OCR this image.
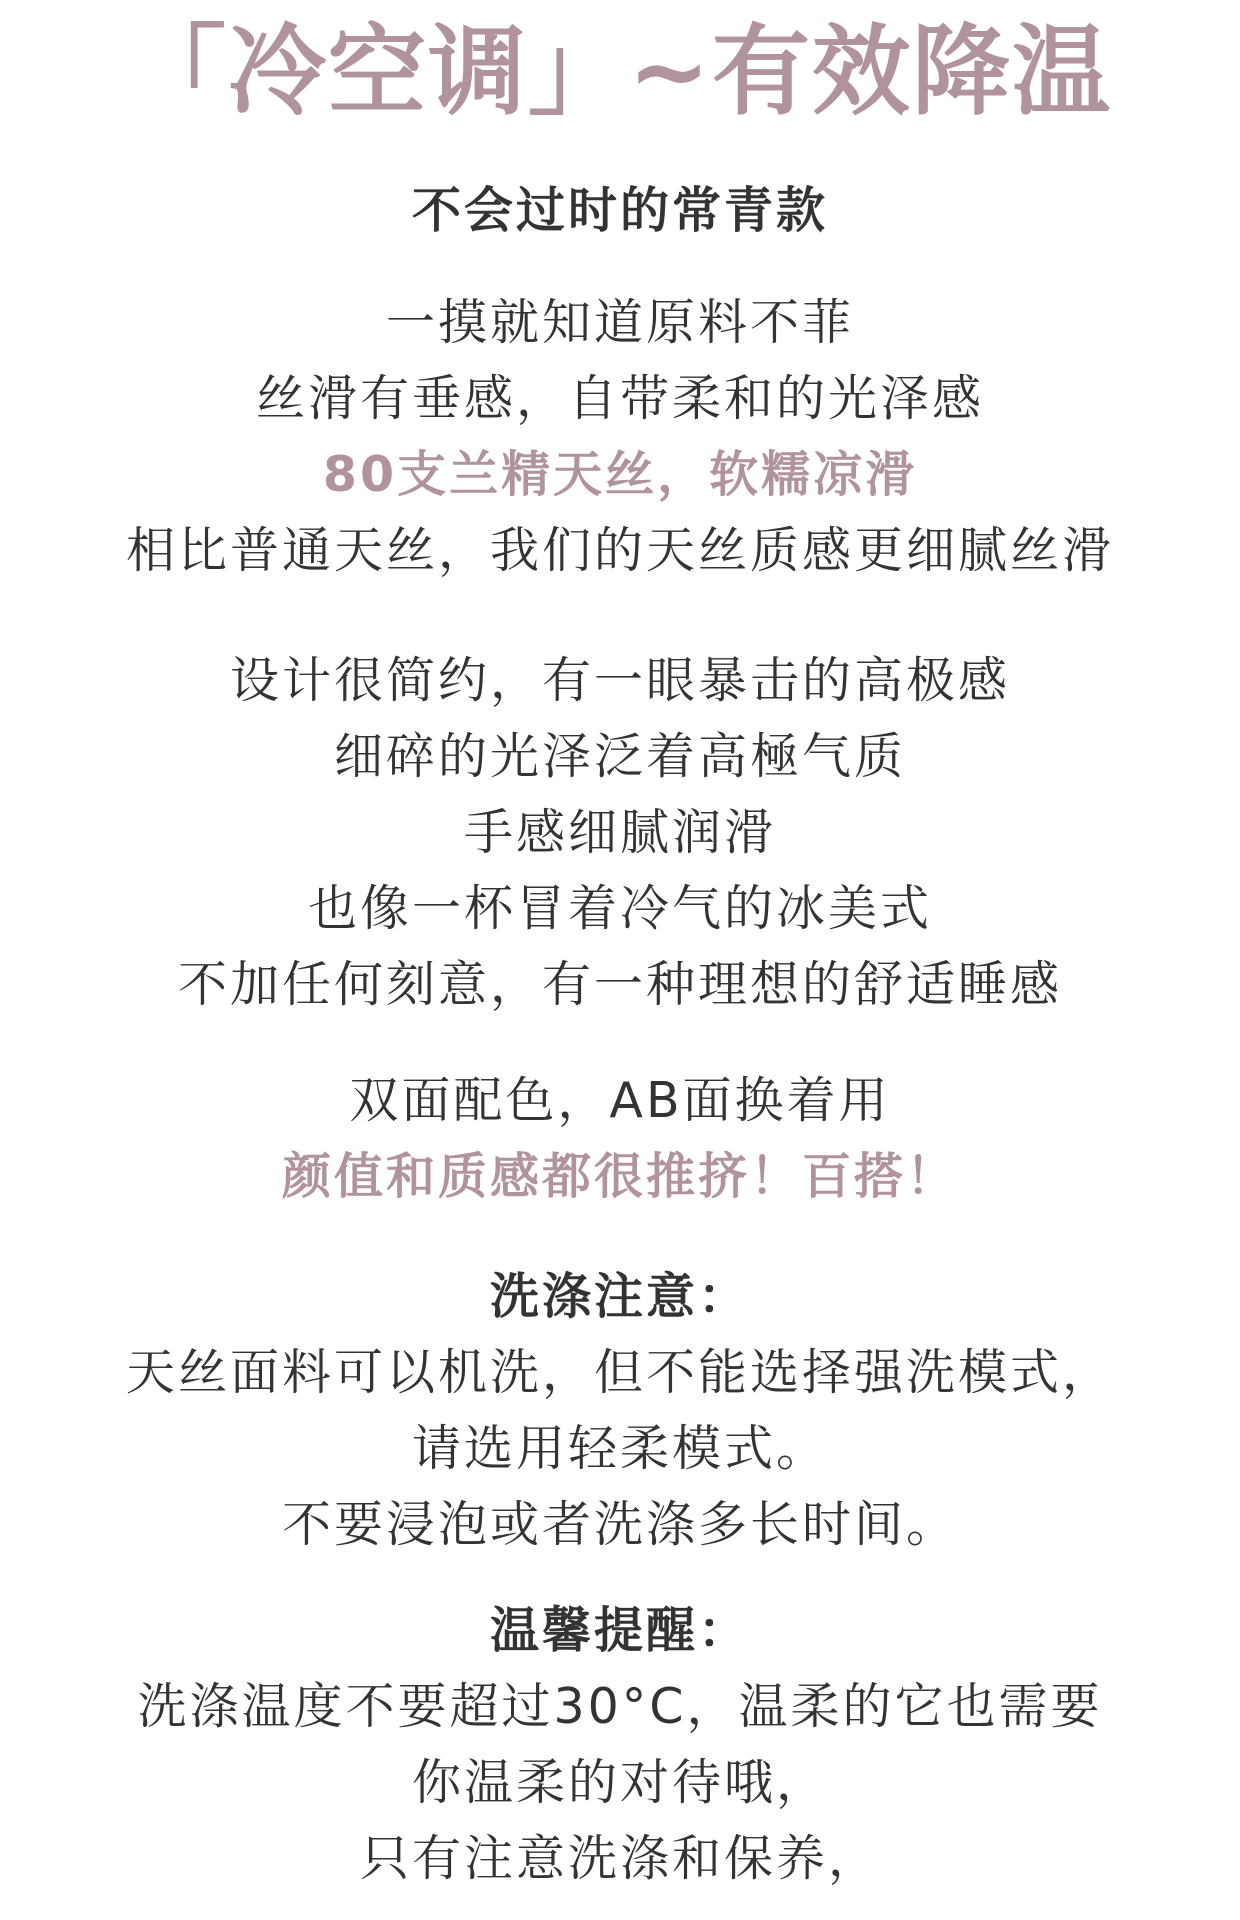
「冷空调」~有效降温
不会过时的常青款
一摸就知道原料不菲
丝滑有垂感，自带柔和的光泽感
80支兰精天丝，软糯凉滑
相比普通天丝，我们的天丝质感更细腻丝滑
设计很简约，有一眼暴击的高极感
细碎的光泽泛着高極气质
手感细腻润滑
也像一杯冒着冷气的冰美式
不加任何刻意，有一种理想的舒适睡感
双面配色，AB面换着用
颜值和质感都很推挤！百搭！
洗涤注意：
天丝面料可以机洗，但不能选择强洗模式，
请选用轻柔模式。
不要浸泡或者洗涤多长时间。
温馨提醒：
洗涤温度不要超过30°C，温柔的它也需要
你温柔的对待哦，
只有注意洗涤和保养，
